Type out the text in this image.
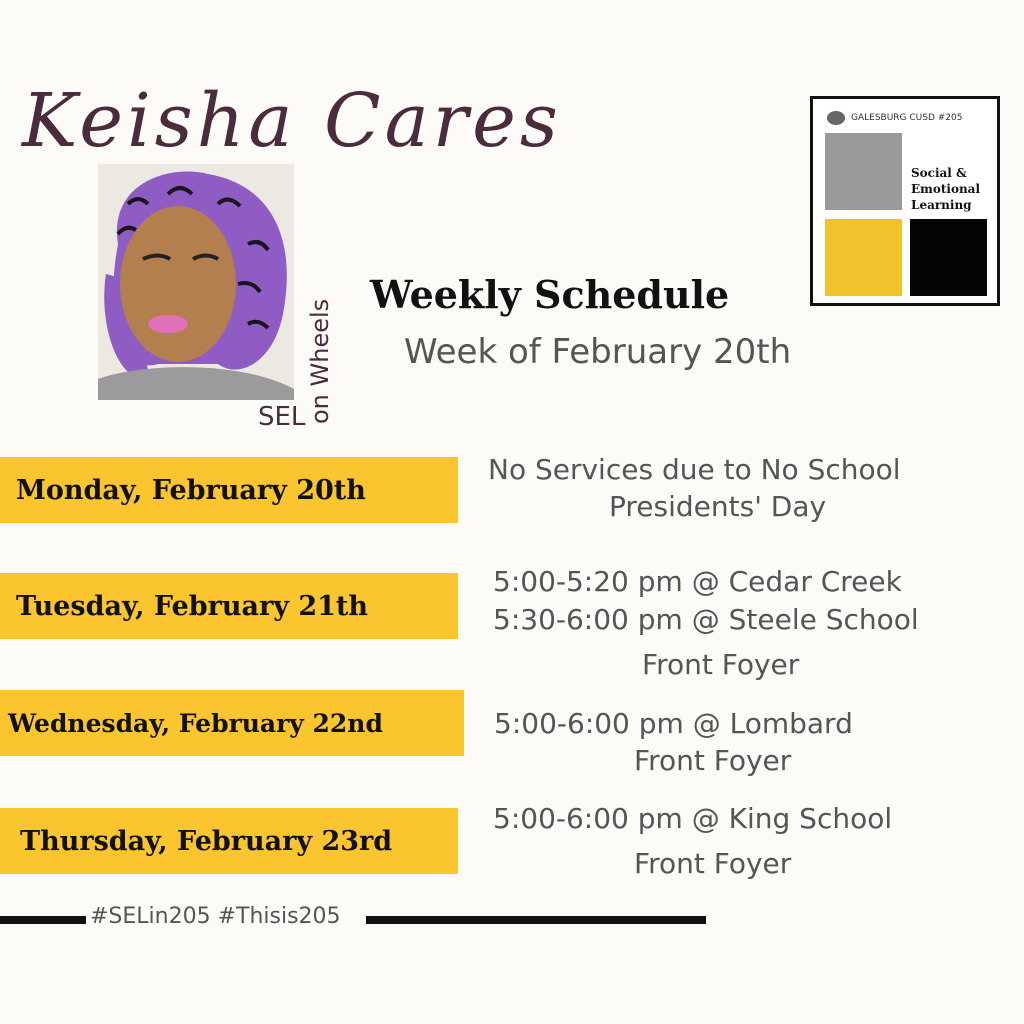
Keisha Cares
SEL on Wheels
Weekly Schedule
Week of February 20th
GALESBURG CUSD #205
Social &
Emotional
Learning
Monday, February 20th
No Services due to No School
Presidents' Day
Tuesday, February 21th
5:00-5:20 pm @ Cedar Creek
5:30-6:00 pm @ Steele School
Front Foyer
Wednesday, February 22nd	5:00-6:00 pm @ Lombard
Front Foyer
Thursday, February 23rd
5:00-6:00 pm @ King School
Front Foyer
#SELin205 #Thisis205
